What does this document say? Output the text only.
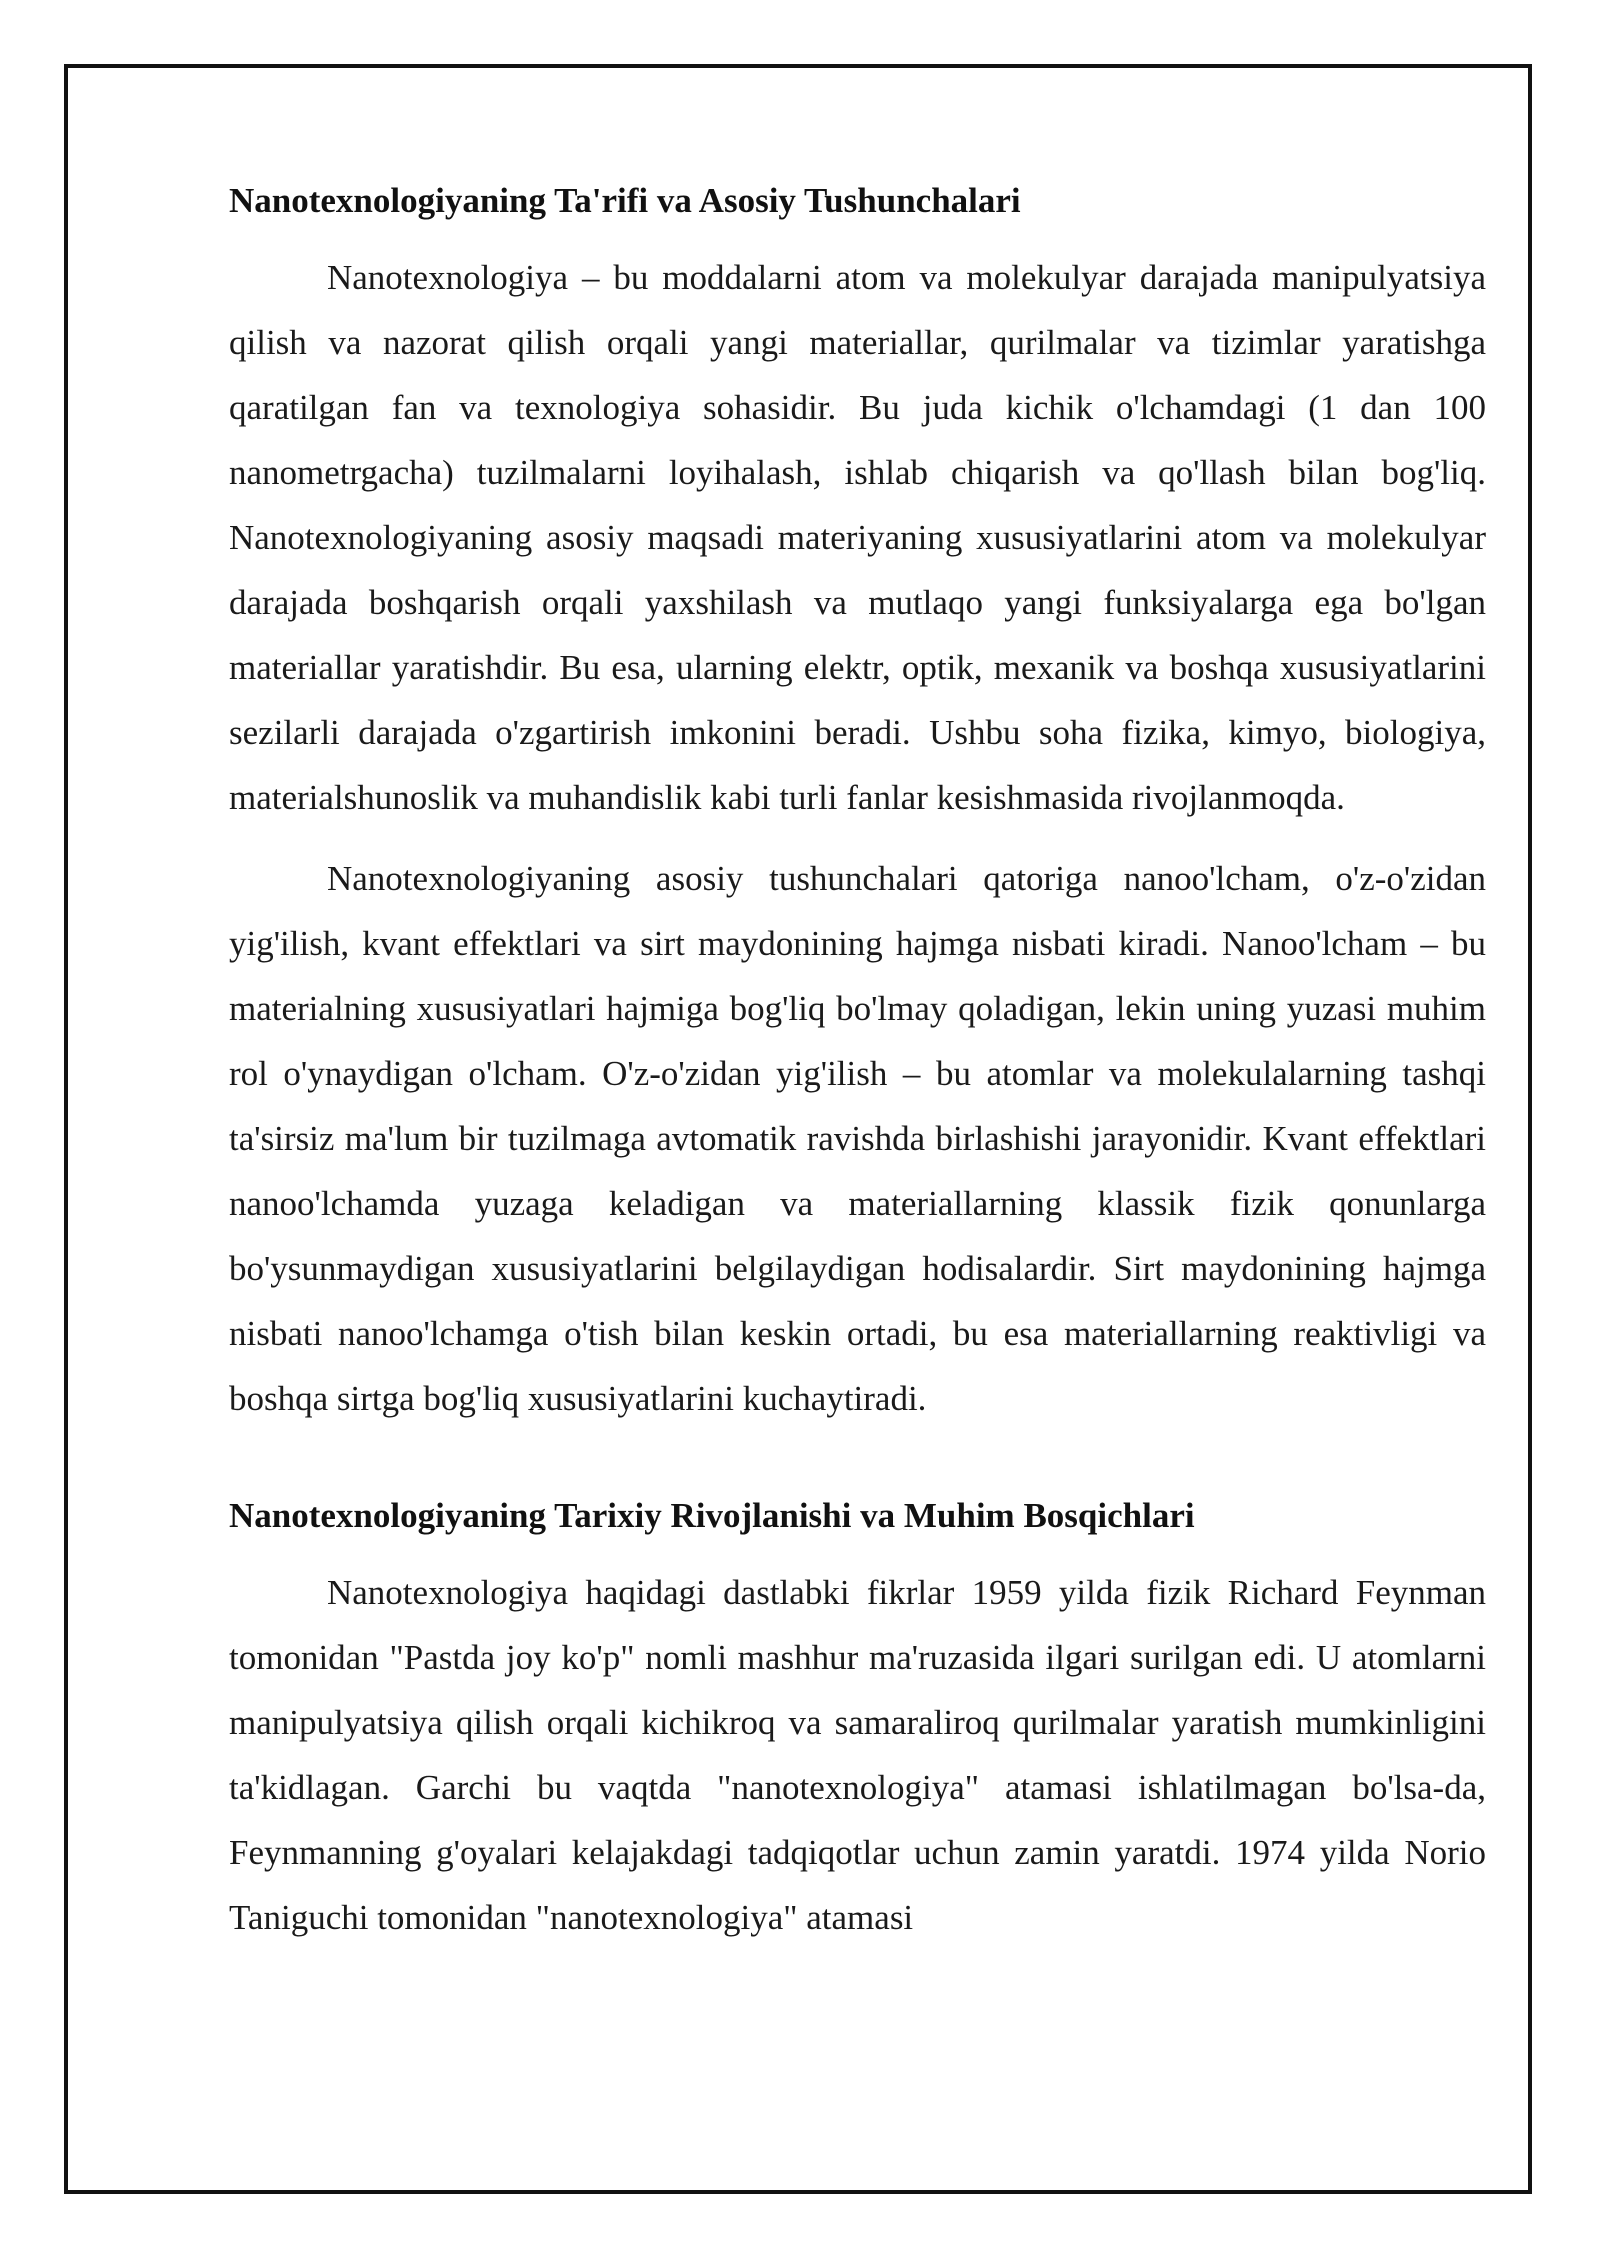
Nanotexnologiyaning Ta'rifi va Asosiy Tushunchalari

Nanotexnologiya – bu moddalarni atom va molekulyar darajada manipulyatsiya qilish va nazorat qilish orqali yangi materiallar, qurilmalar va tizimlar yaratishga qaratilgan fan va texnologiya sohasidir. Bu juda kichik o'lchamdagi (1 dan 100 nanometrgacha) tuzilmalarni loyihalash, ishlab chiqarish va qo'llash bilan bog'liq. Nanotexnologiyaning asosiy maqsadi materiyaning xususiyatlarini atom va molekulyar darajada boshqarish orqali yaxshilash va mutlaqo yangi funksiyalarga ega bo'lgan materiallar yaratishdir. Bu esa, ularning elektr, optik, mexanik va boshqa xususiyatlarini sezilarli darajada o'zgartirish imkonini beradi. Ushbu soha fizika, kimyo, biologiya, materialshunoslik va muhandislik kabi turli fanlar kesishmasida rivojlanmoqda.

Nanotexnologiyaning asosiy tushunchalari qatoriga nanoo'lcham, o'z-o'zidan yig'ilish, kvant effektlari va sirt maydonining hajmga nisbati kiradi. Nanoo'lcham – bu materialning xususiyatlari hajmiga bog'liq bo'lmay qoladigan, lekin uning yuzasi muhim rol o'ynaydigan o'lcham. O'z-o'zidan yig'ilish – bu atomlar va molekulalarning tashqi ta'sirsiz ma'lum bir tuzilmaga avtomatik ravishda birlashishi jarayonidir. Kvant effektlari nanoo'lchamda yuzaga keladigan va materiallarning klassik fizik qonunlarga bo'ysunmaydigan xususiyatlarini belgilaydigan hodisalardir. Sirt maydonining hajmga nisbati nanoo'lchamga o'tish bilan keskin ortadi, bu esa materiallarning reaktivligi va boshqa sirtga bog'liq xususiyatlarini kuchaytiradi.

Nanotexnologiyaning Tarixiy Rivojlanishi va Muhim Bosqichlari

Nanotexnologiya haqidagi dastlabki fikrlar 1959 yilda fizik Richard Feynman tomonidan "Pastda joy ko'p" nomli mashhur ma'ruzasida ilgari surilgan edi. U atomlarni manipulyatsiya qilish orqali kichikroq va samaraliroq qurilmalar yaratish mumkinligini ta'kidlagan. Garchi bu vaqtda "nanotexnologiya" atamasi ishlatilmagan bo'lsa-da, Feynmanning g'oyalari kelajakdagi tadqiqotlar uchun zamin yaratdi. 1974 yilda Norio Taniguchi tomonidan "nanotexnologiya" atamasi
